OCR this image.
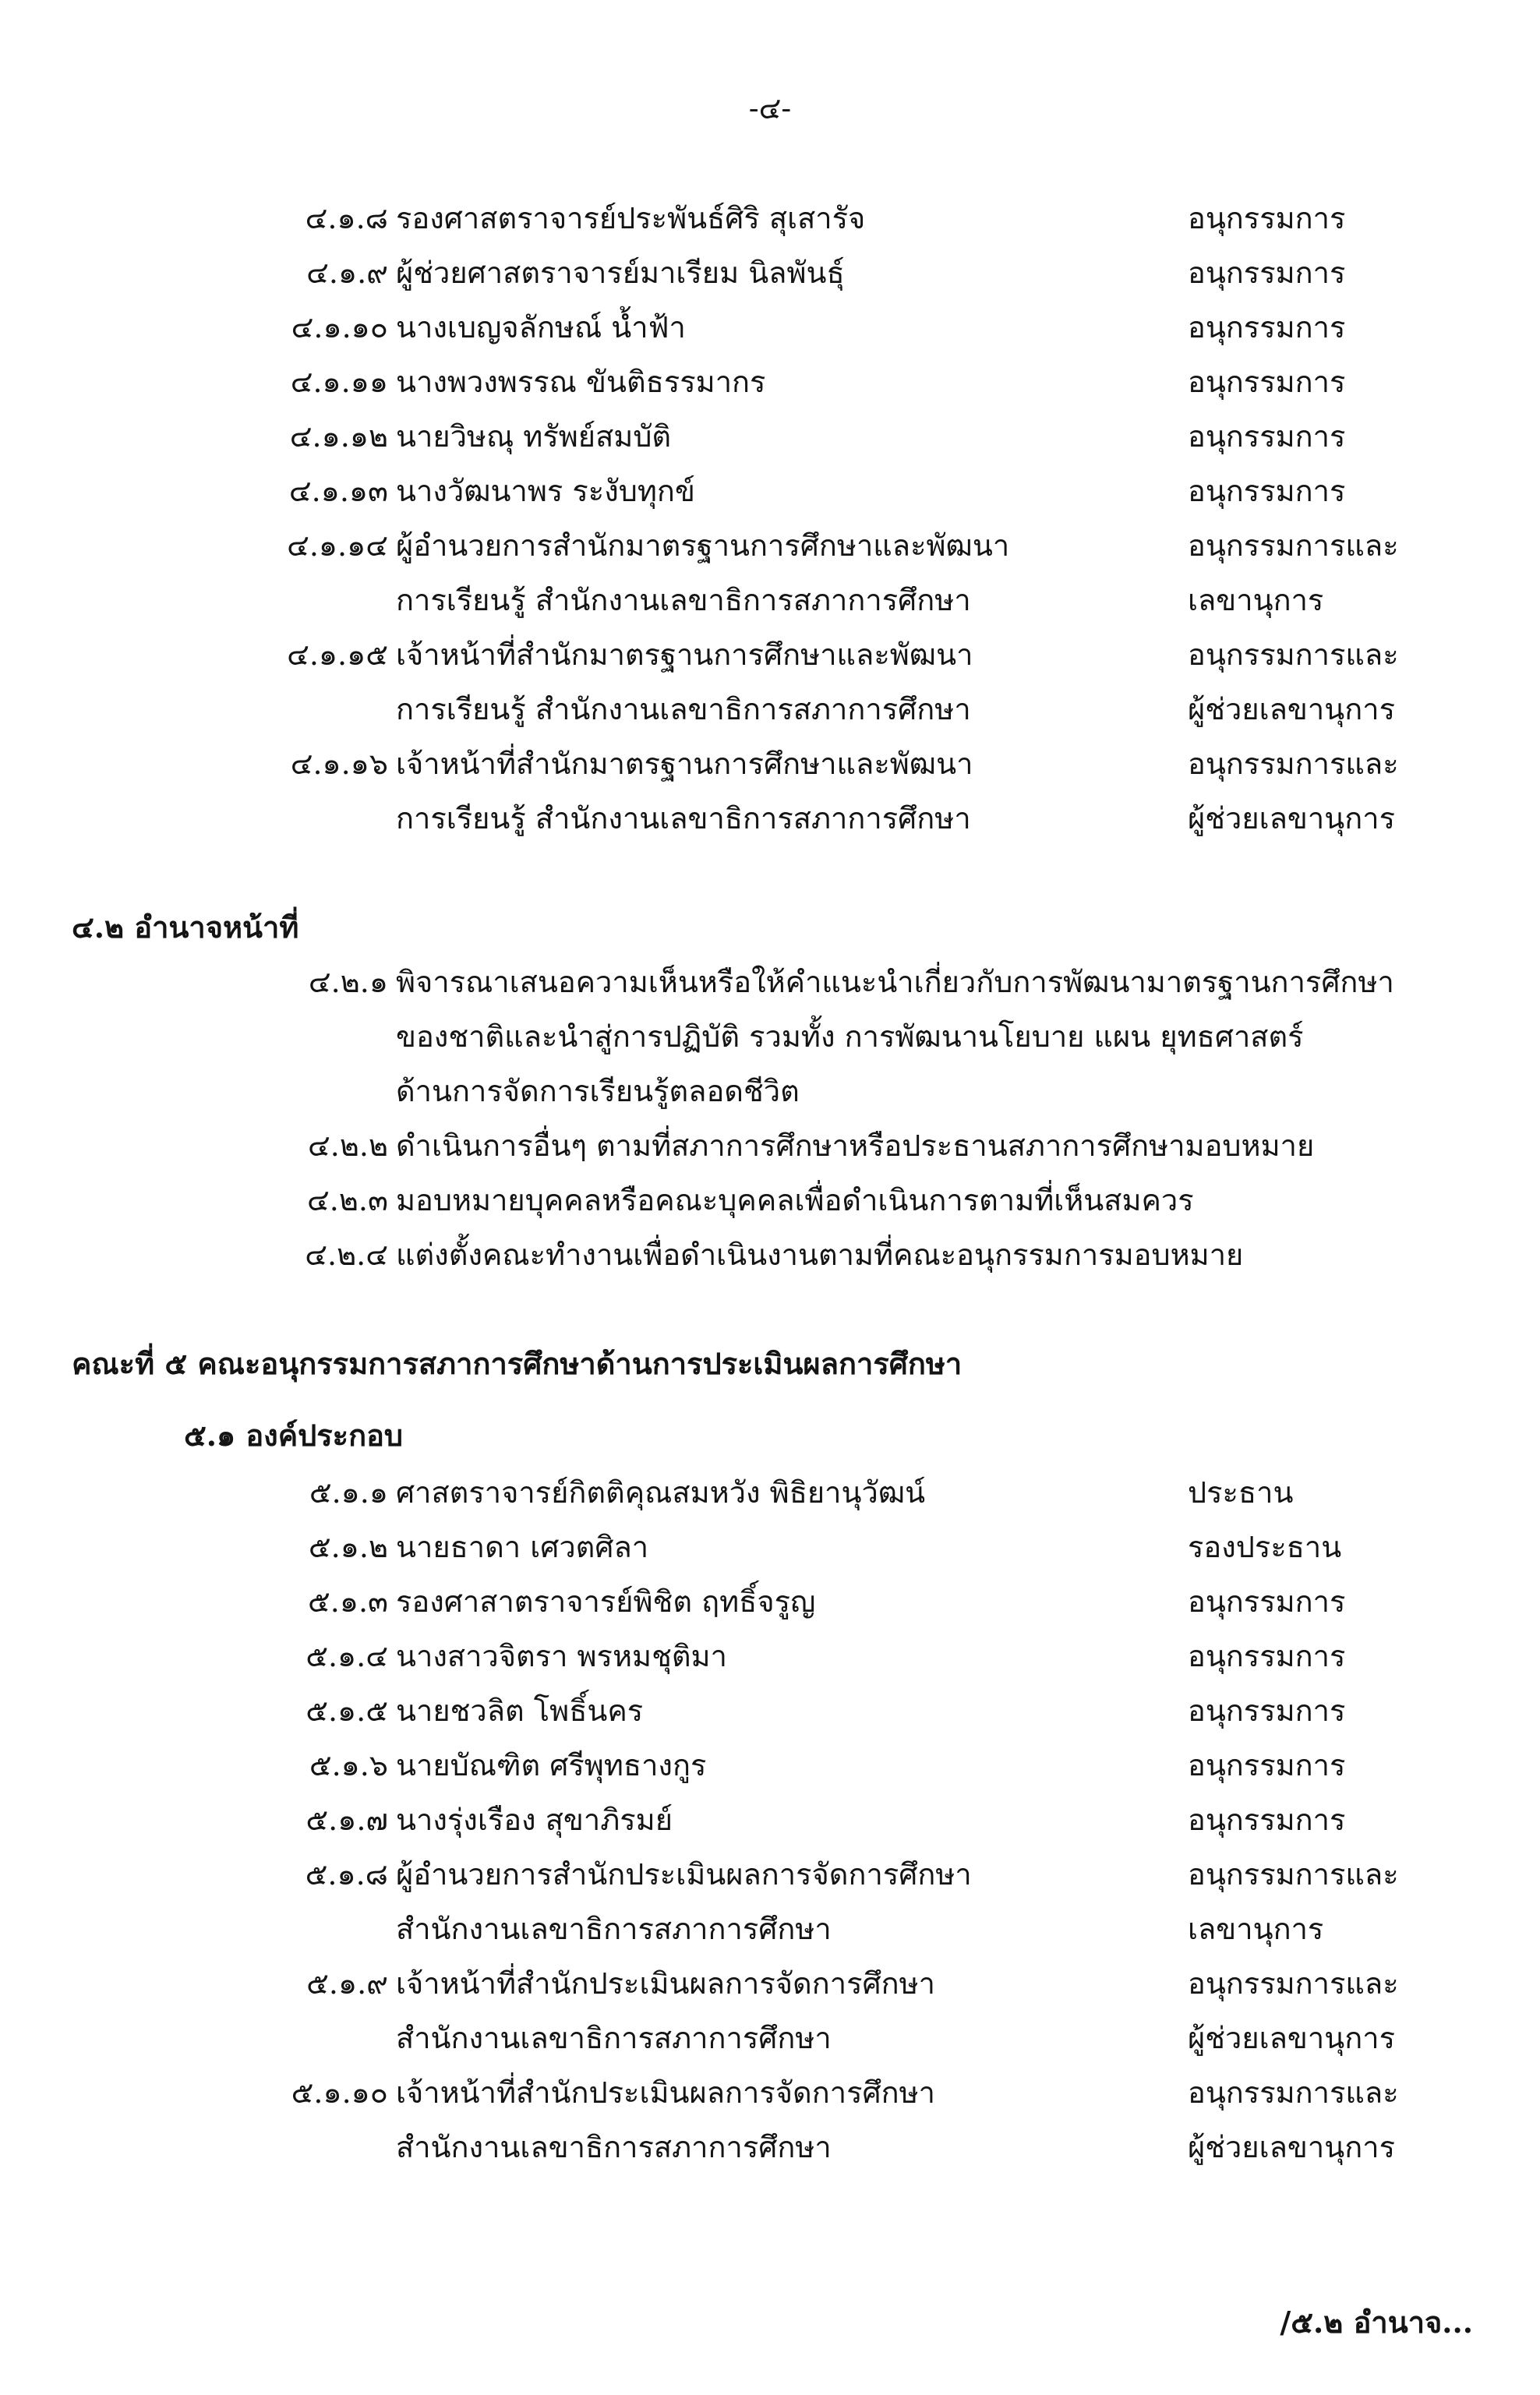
-๔-
๔.๑.๘ รองศาสตราจารย์ประพันธ์ศิริ สุเสารัจ	อนุกรรมการ
๔.๑.๙ ผู้ช่วยศาสตราจารย์มาเรียม นิลพันธุ์	อนุกรรมการ
๔.๑.๑๐ นางเบญจลักษณ์ น้ำฟ้า	อนุกรรมการ
๔.๑.๑๑ นางพวงพรรณ ขันติธรรมากร	อนุกรรมการ
๔.๑.๑๒ นายวิษณุ ทรัพย์สมบัติ	อนุกรรมการ
๔.๑.๑๓ นางวัฒนาพร ระงับทุกข์	อนุกรรมการ
๔.๑.๑๔ ผู้อำนวยการสำนักมาตรฐานการศึกษาและพัฒนา	อนุกรรมการและ
การเรียนรู้ สำนักงานเลขาธิการสภาการศึกษา	เลขานุการ
๔.๑.๑๕ เจ้าหน้าที่สำนักมาตรฐานการศึกษาและพัฒนา	อนุกรรมการและ
การเรียนรู้ สำนักงานเลขาธิการสภาการศึกษา	ผู้ช่วยเลขานุการ
๔.๑.๑๖ เจ้าหน้าที่สำนักมาตรฐานการศึกษาและพัฒนา	อนุกรรมการและ
การเรียนรู้ สำนักงานเลขาธิการสภาการศึกษา	ผู้ช่วยเลขานุการ
๔.๒ อำนาจหน้าที่
๔.๒.๑ พิจารณาเสนอความเห็นหรือให้คำแนะนำเกี่ยวกับการพัฒนามาตรฐานการศึกษา
ของชาติและนำสู่การปฏิบัติ รวมทั้ง การพัฒนานโยบาย แผน ยุทธศาสตร์
ด้านการจัดการเรียนรู้ตลอดชีวิต
๔.๒.๒ ดำเนินการอื่นๆ ตามที่สภาการศึกษาหรือประธานสภาการศึกษามอบหมาย
๔.๒.๓ มอบหมายบุคคลหรือคณะบุคคลเพื่อดำเนินการตามที่เห็นสมควร
๔.๒.๔ แต่งตั้งคณะทำงานเพื่อดำเนินงานตามที่คณะอนุกรรมการมอบหมาย
คณะที่ ๕ คณะอนุกรรมการสภาการศึกษาด้านการประเมินผลการศึกษา
๕.๑ องค์ประกอบ
๕.๑.๑ ศาสตราจารย์กิตติคุณสมหวัง พิธิยานุวัฒน์	ประธาน
๕.๑.๒ นายธาดา เศวตศิลา	รองประธาน
๕.๑.๓ รองศาสาตราจารย์พิชิต ฤทธิ์จรูญ	อนุกรรมการ
๕.๑.๔ นางสาวจิตรา พรหมชุติมา	อนุกรรมการ
๕.๑.๕ นายชวลิต โพธิ์นคร	อนุกรรมการ
๕.๑.๖ นายบัณฑิต ศรีพุทธางกูร	อนุกรรมการ
๕.๑.๗ นางรุ่งเรือง สุขาภิรมย์	อนุกรรมการ
๕.๑.๘ ผู้อำนวยการสำนักประเมินผลการจัดการศึกษา	อนุกรรมการและ
สำนักงานเลขาธิการสภาการศึกษา	เลขานุการ
๕.๑.๙ เจ้าหน้าที่สำนักประเมินผลการจัดการศึกษา	อนุกรรมการและ
สำนักงานเลขาธิการสภาการศึกษา	ผู้ช่วยเลขานุการ
๕.๑.๑๐ เจ้าหน้าที่สำนักประเมินผลการจัดการศึกษา	อนุกรรมการและ
สำนักงานเลขาธิการสภาการศึกษา	ผู้ช่วยเลขานุการ
/๕.๒ อำนาจ...
